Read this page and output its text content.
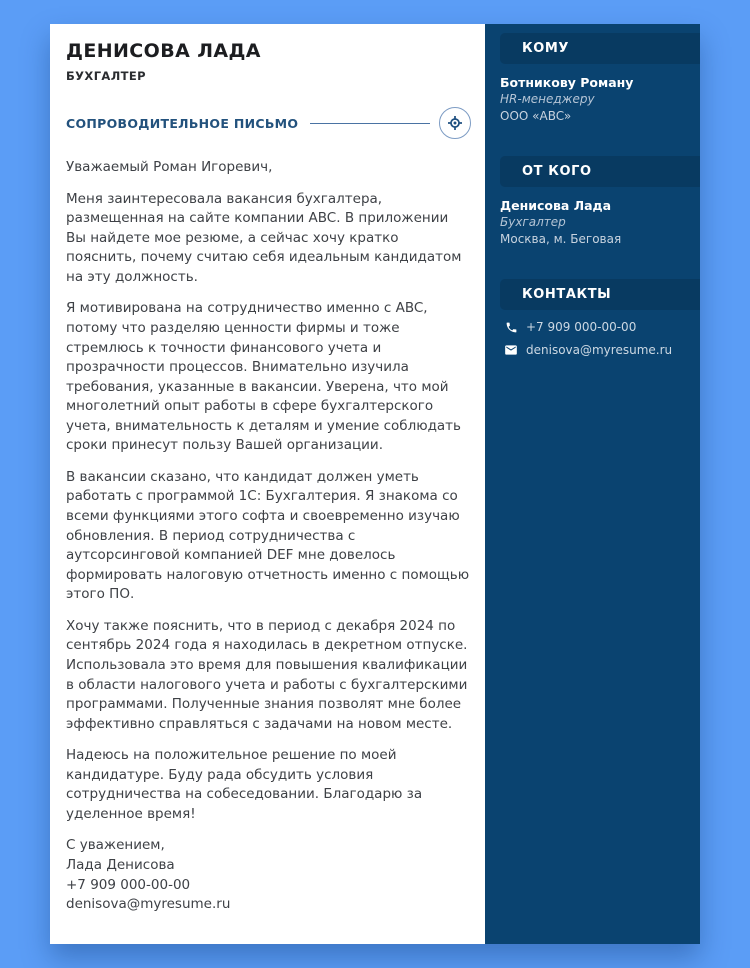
ДЕНИСОВА ЛАДА
БУХГАЛТЕР
СОПРОВОДИТЕЛЬНОЕ ПИСЬМО

Уважаемый Роман Игоревич,

Меня заинтересовала вакансия бухгалтера, размещенная на сайте компании ABC. В приложении Вы найдете мое резюме, а сейчас хочу кратко пояснить, почему считаю себя идеальным кандидатом на эту должность.

Я мотивирована на сотрудничество именно с ABC, потому что разделяю ценности фирмы и тоже стремлюсь к точности финансового учета и прозрачности процессов. Внимательно изучила требования, указанные в вакансии. Уверена, что мой многолетний опыт работы в сфере бухгалтерского учета, внимательность к деталям и умение соблюдать сроки принесут пользу Вашей организации.

В вакансии сказано, что кандидат должен уметь работать с программой 1С: Бухгалтерия. Я знакома со всеми функциями этого софта и своевременно изучаю обновления. В период сотрудничества с аутсорсинговой компанией DEF мне довелось формировать налоговую отчетность именно с помощью этого ПО.

Хочу также пояснить, что в период с декабря 2024 по сентябрь 2024 года я находилась в декретном отпуске. Использовала это время для повышения квалификации в области налогового учета и работы с бухгалтерскими программами. Полученные знания позволят мне более эффективно справляться с задачами на новом месте.

Надеюсь на положительное решение по моей кандидатуре. Буду рада обсудить условия сотрудничества на собеседовании. Благодарю за уделенное время!

С уважением,
Лада Денисова
+7 909 000-00-00
denisova@myresume.ru
КОМУ
Ботникову Роману
HR-менеджеру
ООО «ABC»
ОТ КОГО
Денисова Лада
Бухгалтер
Москва, м. Беговая
КОНТАКТЫ
+7 909 000-00-00
denisova@myresume.ru
